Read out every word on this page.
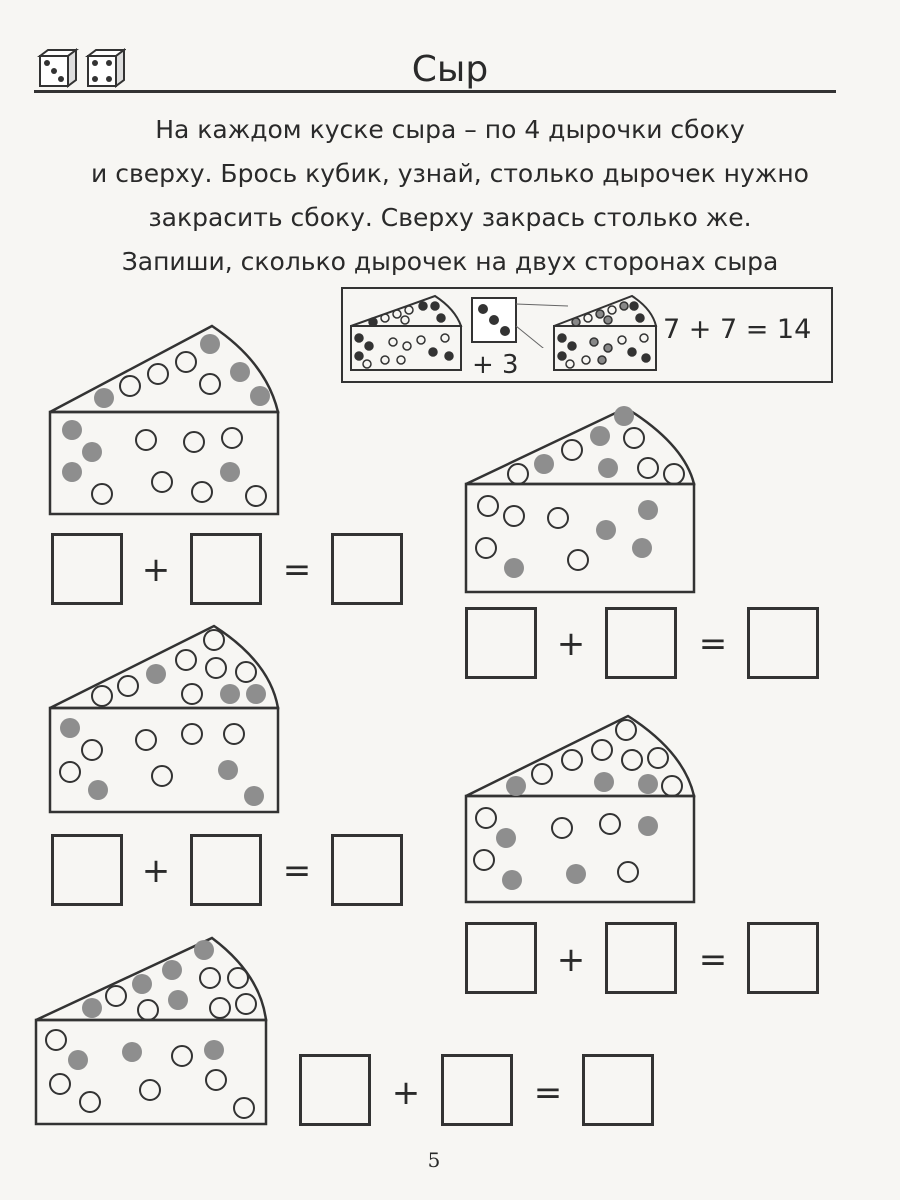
Сыр
На каждом куске сыра – по 4 дырочки сбоку
и сверху. Брось кубик, узнай, столько дырочек нужно
закрасить сбоку. Сверху закрась столько же.
Запиши, сколько дырочек на двух сторонах сыра
+ 3
7 + 7 = 14
+	=
+	=
+	=
+	=
+	=
5
